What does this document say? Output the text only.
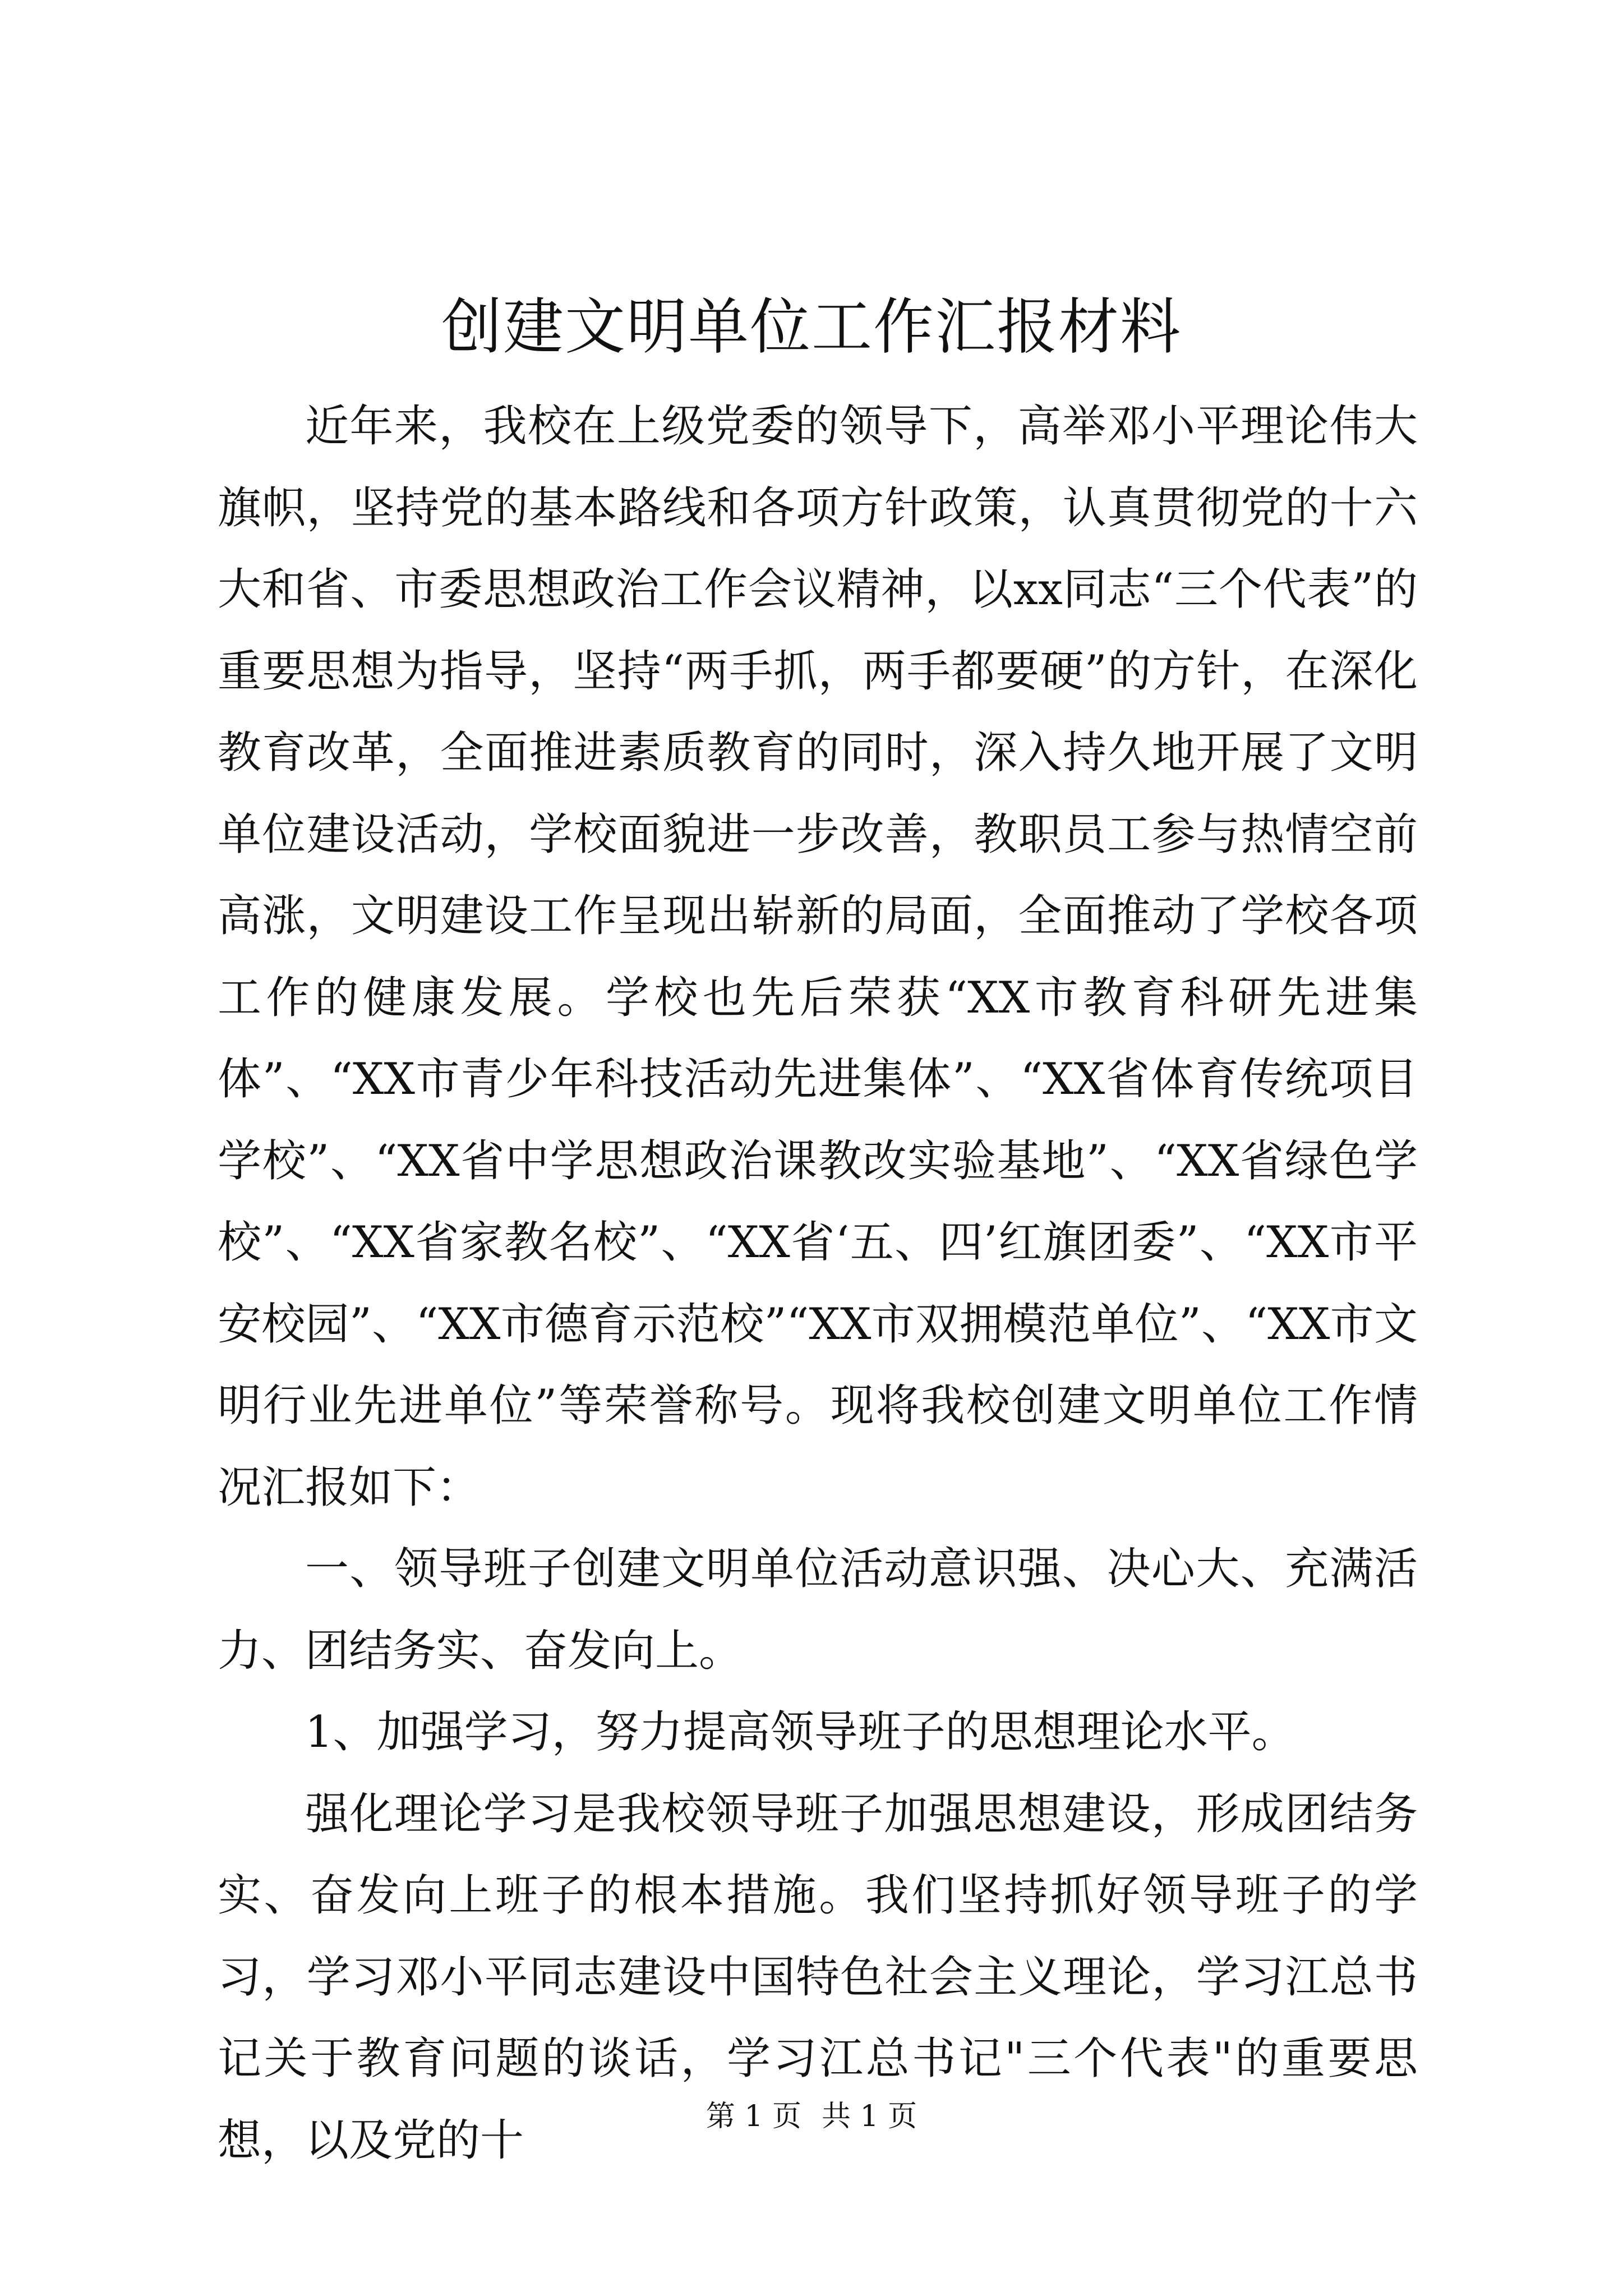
创建文明单位工作汇报材料

近年来，我校在上级党委的领导下，高举邓小平理论伟大旗帜，坚持党的基本路线和各项方针政策，认真贯彻党的十六大和省、市委思想政治工作会议精神，以xx同志“三个代表”的重要思想为指导，坚持“两手抓，两手都要硬”的方针，在深化教育改革，全面推进素质教育的同时，深入持久地开展了文明单位建设活动，学校面貌进一步改善，教职员工参与热情空前高涨，文明建设工作呈现出崭新的局面，全面推动了学校各项工作的健康发展。学校也先后荣获“XX市教育科研先进集体”、“XX市青少年科技活动先进集体”、“XX省体育传统项目学校”、“XX省中学思想政治课教改实验基地”、“XX省绿色学校”、“XX省家教名校”、“XX省‘五、四’红旗团委”、“XX市平安校园”、“XX市德育示范校”“XX市双拥模范单位”、“XX市文明行业先进单位”等荣誉称号。现将我校创建文明单位工作情况汇报如下：

一、领导班子创建文明单位活动意识强、决心大、充满活力、团结务实、奋发向上。

1、加强学习，努力提高领导班子的思想理论水平。

强化理论学习是我校领导班子加强思想建设，形成团结务实、奋发向上班子的根本措施。我们坚持抓好领导班子的学习，学习邓小平同志建设中国特色社会主义理论，学习江总书记关于教育问题的谈话，学习江总书记"三个代表"的重要思想，以及党的十	第 1 页 共 1 页
